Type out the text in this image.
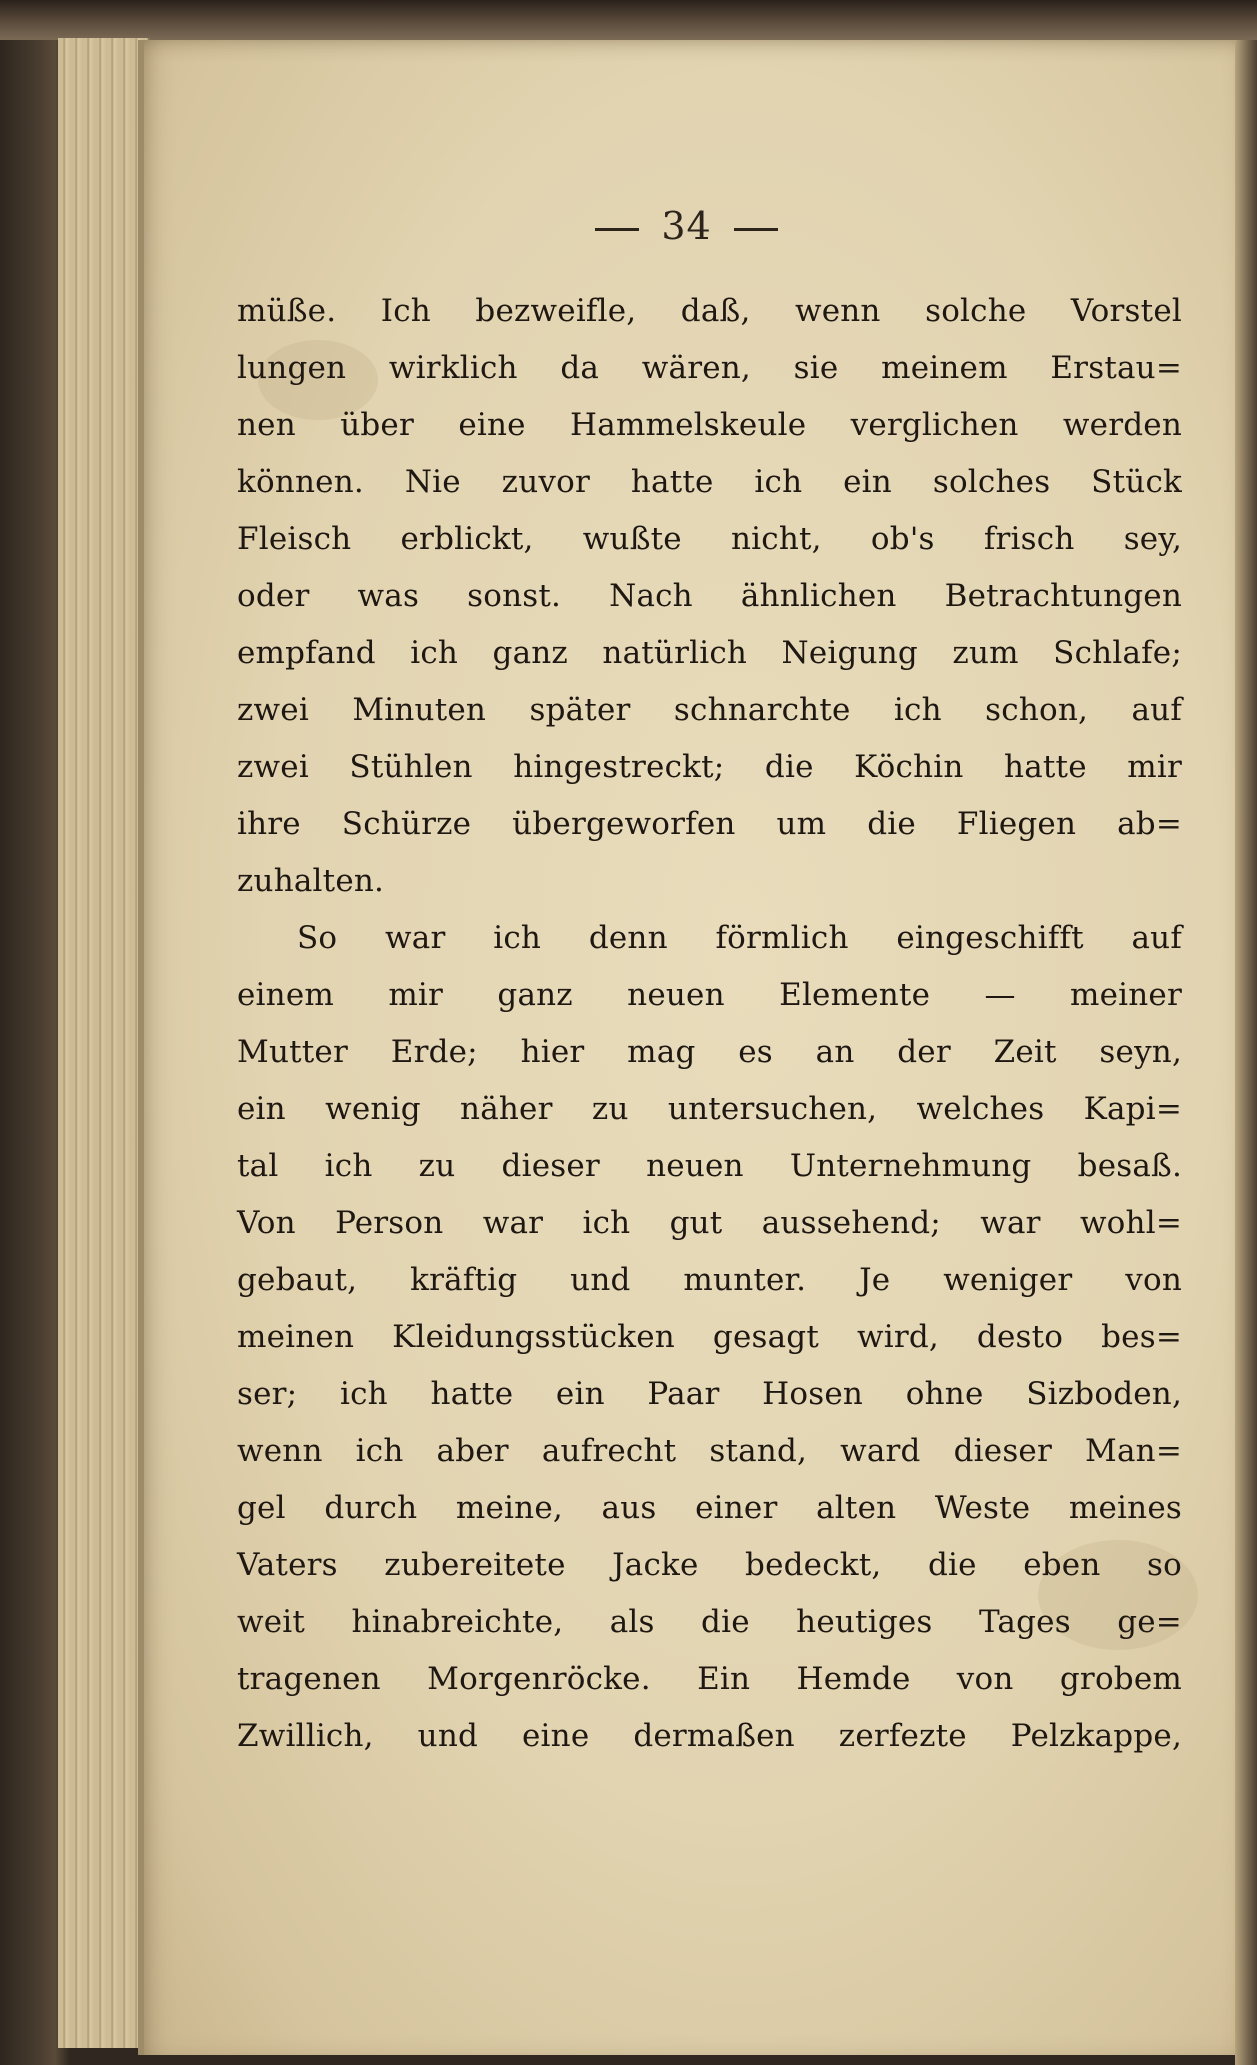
34
müße. Ich bezweifle, daß, wenn solche Vorstel
lungen wirklich da wären, sie meinem Erstau=
nen über eine Hammelskeule verglichen werden
können. Nie zuvor hatte ich ein solches Stück
Fleisch erblickt, wußte nicht, ob's frisch sey,
oder was sonst. Nach ähnlichen Betrachtungen
empfand ich ganz natürlich Neigung zum Schlafe;
zwei Minuten später schnarchte ich schon, auf
zwei Stühlen hingestreckt; die Köchin hatte mir
ihre Schürze übergeworfen um die Fliegen ab=
zuhalten.
So war ich denn förmlich eingeschifft auf
einem mir ganz neuen Elemente — meiner
Mutter Erde; hier mag es an der Zeit seyn,
ein wenig näher zu untersuchen, welches Kapi=
tal ich zu dieser neuen Unternehmung besaß.
Von Person war ich gut aussehend; war wohl=
gebaut, kräftig und munter. Je weniger von
meinen Kleidungsstücken gesagt wird, desto bes=
ser; ich hatte ein Paar Hosen ohne Sizboden,
wenn ich aber aufrecht stand, ward dieser Man=
gel durch meine, aus einer alten Weste meines
Vaters zubereitete Jacke bedeckt, die eben so
weit hinabreichte, als die heutiges Tages ge=
tragenen Morgenröcke. Ein Hemde von grobem
Zwillich, und eine dermaßen zerfezte Pelzkappe,
